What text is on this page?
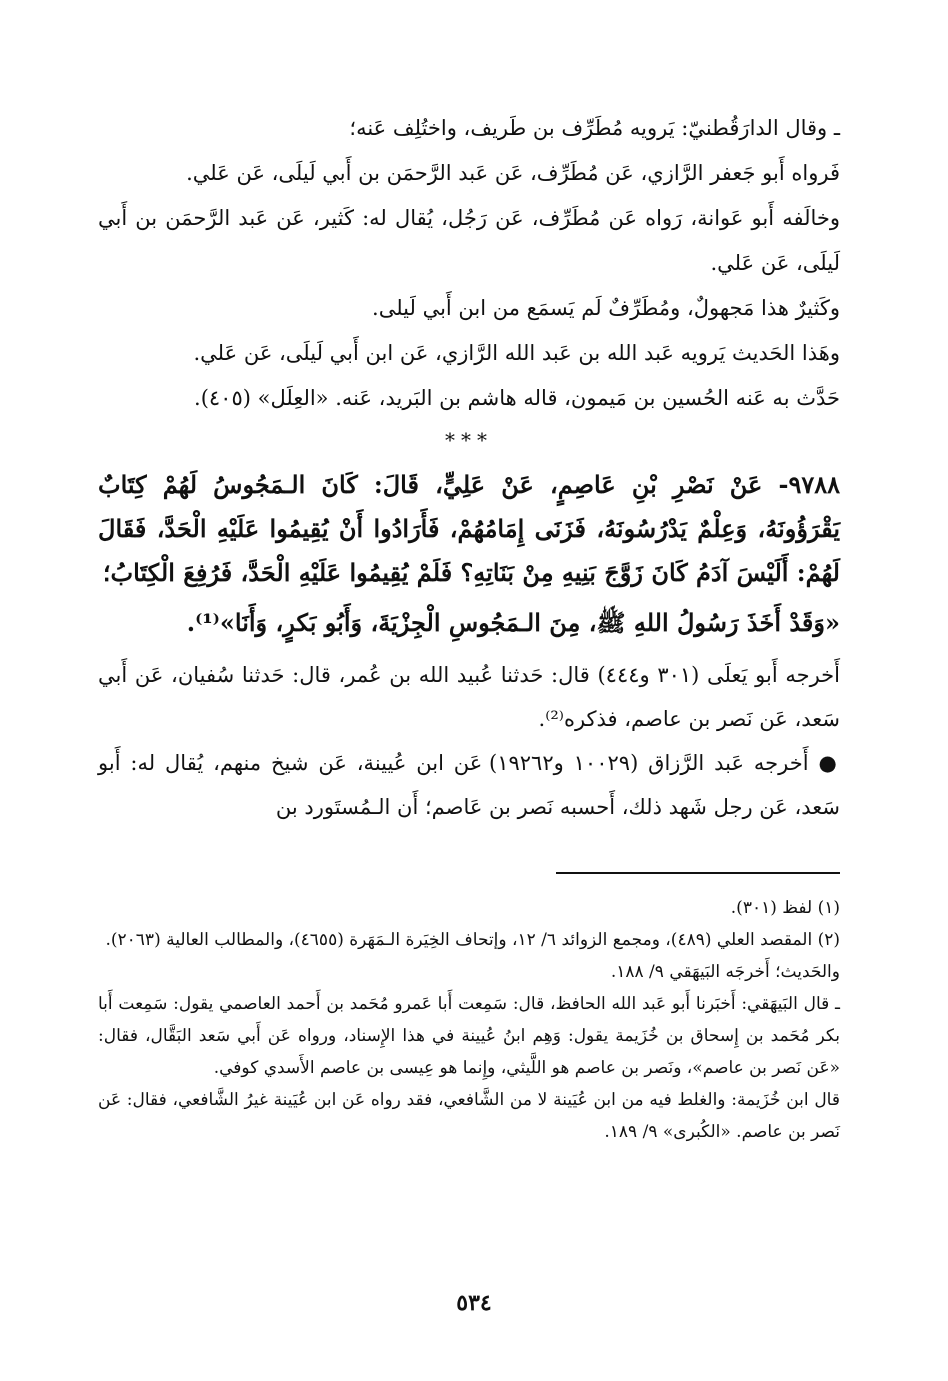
ـ وقال الدارَقُطنيّ: يَرويه مُطَرِّف بن طَريف، واختُلِف عَنه؛

فَرواه أَبو جَعفر الرَّازي، عَن مُطَرِّف، عَن عَبد الرَّحمَن بن أَبي لَيلَى، عَن عَلي.

وخالَفه أَبو عَوانة، رَواه عَن مُطَرِّف، عَن رَجُل، يُقال له: كَثير، عَن عَبد الرَّحمَن بن أَبي لَيلَى، عَن عَلي.

وكَثيرٌ هذا مَجهولٌ، ومُطَرِّفٌ لَم يَسمَع من ابن أَبي لَيلى.

وهَذا الحَديث يَرويه عَبد الله بن عَبد الله الرَّازي، عَن ابن أَبي لَيلَى، عَن عَلي.

حَدَّث به عَنه الحُسين بن مَيمون، قاله هاشم بن البَريد، عَنه. «العِلَل» (٤٠٥).

***

٩٧٨٨- عَنْ نَصْرِ بْنِ عَاصِمٍ، عَنْ عَلِيٍّ، قَالَ: كَانَ الـمَجُوسُ لَهُمْ كِتَابٌ يَقْرَؤُونَهُ، وَعِلْمٌ يَدْرُسُونَهُ، فَزَنَى إِمَامُهُمْ، فَأَرَادُوا أَنْ يُقِيمُوا عَلَيْهِ الْحَدَّ، فَقَالَ لَهُمْ: أَلَيْسَ آدَمُ كَانَ زَوَّجَ بَنِيهِ مِنْ بَنَاتِهِ؟ فَلَمْ يُقِيمُوا عَلَيْهِ الْحَدَّ، فَرُفِعَ الْكِتَابُ؛

«وَقَدْ أَخَذَ رَسُولُ اللهِ ﷺ، مِنَ الـمَجُوسِ الْجِزْيَةَ، وَأَبُو بَكرٍ، وَأَنَا»⁽¹⁾.

أَخرجه أَبو يَعلَى (٣٠١ و٤٤٤) قال: حَدثنا عُبيد الله بن عُمر، قال: حَدثنا سُفيان، عَن أَبي سَعد، عَن نَصر بن عاصم، فذكره⁽²⁾.

● أَخرجه عَبد الرَّزاق (١٠٠٢٩ و١٩٢٦٢) عَن ابن عُيينة، عَن شيخ منهم، يُقال له: أَبو سَعد، عَن رجل شَهد ذلك، أَحسبه نَصر بن عَاصم؛ أَن الـمُستَورد بن

(١) لفظ (٣٠١).

(٢) المقصد العلي (٤٨٩)، ومجمع الزوائد ٦/ ١٢، وإتحاف الخِيَرة الـمَهَرة (٤٦٥٥)، والمطالب العالية (٢٠٦٣).

والحَديث؛ أَخرجَه البَيهَقي ٩/ ١٨٨.

ـ قال البَيهَقي: أَخبَرنا أَبو عَبد الله الحافظ، قال: سَمِعت أَبا عَمرو مُحَمد بن أَحمد العاصمي يقول: سَمِعت أَبا بكر مُحَمد بن إِسحاق بن خُزَيمة يقول: وَهِم ابنُ عُيينة في هذا الإِسناد، ورواه عَن أَبي سَعد البَقَّال، فقال: «عَن نَصر بن عاصم»، ونَصر بن عاصم هو اللَّيثي، وإِنما هو عِيسى بن عاصم الأَسدي كوفي.

قال ابن خُزَيمة: والغلط فيه من ابن عُيَينة لا من الشَّافعي، فقد رواه عَن ابن عُيَينة غيرُ الشَّافعي، فقال: عَن نَصر بن عاصم. «الكُبرى» ٩/ ١٨٩.

٥٣٤
